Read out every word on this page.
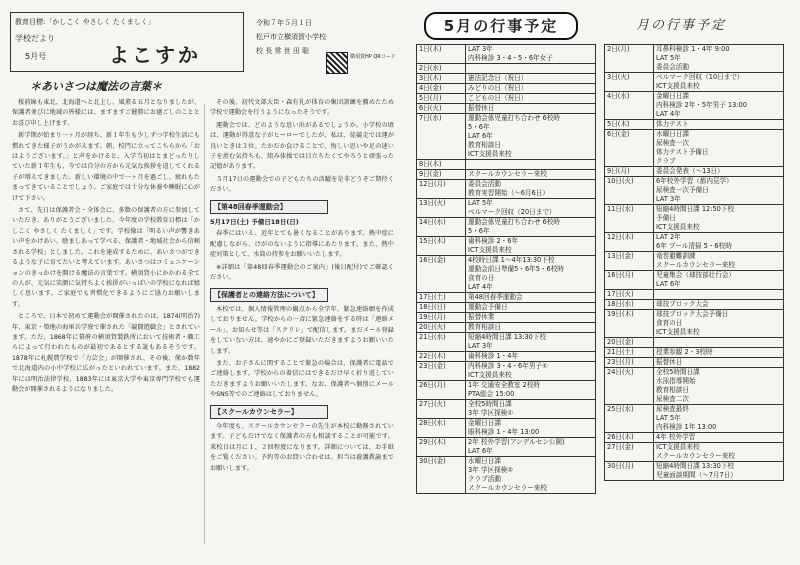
教育目標:「かしこく やさしく たくましく」
学校だより
5月号	よこすか
令和７年５月１日
松戸市立横須賀小学校
校 長 常 世 田 聡
横須賀HP QRコード
＊あいさつは魔法の言葉＊

桜前線も東北、北海道へと北上し、風薫る五月となりましたが、保護者並びに地域の皆様には、ますますご健勝にお過ごしのこととお喜び申し上げます。

新学期が始まり一ヶ月が経ち、新１年生も少しずつ学校生活にも慣れてきた様子がうかがえます。朝、校門に立ってこちらから「おはようございます。」と声をかけると、入学当初はとまどったりしていた新１年生も、今では自分の方から元気な挨拶を返してくれる子が増えてきました。新しい環境の中で一ヶ月を過ごし、疲れもたまってきていることでしょう。ご家庭では十分な休養や睡眠に心がけて下さい。

さて、先日は保護者会・全体会に、多数の保護者の方に参加していただき、ありがとうございました。今年度の学校教育目標は「かしこく やさしく たくましく」です。学校像は「明るい声が響きあい声をかけあい、励ましあって学べる、保護者・地域社会から信頼される学校」としました。これを達成するために、あいさつができるような子に育てたいと考えています。あいさつはコミュニケーションのきっかけを開ける魔法の言葉です。横須賀小にかかわる全ての人が、元気に笑顔に気持ちよく挨拶がいっぱいの学校になれば嬉しく思います。ご家庭でも習慣化できるようにご協力お願いします。

ところで、日本で初めて運動会が開催されたのは、1874(明治7)年、東京・築地の海軍兵学寮で催された「競闘遊戯会」とされています。ただ、1868年に幕府の横須賀製鉄所において技術者・職工らによって行われたものが最初であるとする説もあるそうです。1878年に札幌農学校で「力芸会」が開催され、その後、僅か数年で北海道内の小中学校に広がったといわれています。また、1882年には明治法律学校、1883年には東京大学や東京専門学校でも運動会が開催されるようになりました。

その後、初代文部大臣・森有礼が体育の集団訓練を薦めたため学校で運動会を行うようになったそうです。

運動会では、どのような思い出があるでしょうか。小学校の頃は、運動が得意な子がヒーローでしたが、私は、徒競走では運が良いときは３位。たかだか負けることで、悔しい思いや足の速い子を羨む気持ちも、組み体操では目立ちたくてやろうと頑張った記憶があります。

５月17日の運動会での子どもたちの活躍を是非どうぞご期待ください。

【第48回春季運動会】
5月17日(土) 予備日18日(日)

春季にはいえ、近年とても暑くなることがあります。熱中症に配慮しながら、けがのないように指導にあたります。また、熱中症対策として、水筒の持参をお願いいたします。

※詳細は「第48回春季運動会のご案内」(後日配付)でご確認ください。

【保護者との連絡方法について】

本校では、個人情報管理の観点から全学年、緊急連絡網を作成しておりません。学校からの一斉に緊急連絡をする時は「連絡メール」、お知らせ等は「スクリレ」で配信します。まだメール登録をしていない方は、速やかにご登録いただきますようお願いいたします。

また、お子さんに関することで緊急の場合は、保護者に電話でご連絡します。学校からの着信にはできるだけ早く折り返していただきますようお願いいたします。なお、保護者へ個別にメールやSNS等でのご連絡はしておりません。

【スクールカウンセラー】

今年度も、スクールカウンセラーの先生が本校に勤務されています。子どもだけでなく保護者の方も相談することが可能です。来校日は月に１、２回程度になります。詳細については、お手紙をご覧ください。予約等のお問い合わせは、担当は養護教諭までお願いします。

5月の行事予定	月の行事予定
1日(木)	LAT 3年
内科検診 3・4・5・6年女子
2日(水)	
3日(木)	憲法記念日（祝日）
4日(金)	みどりの日（祝日）
5日(月)	こどもの日（祝日）
6日(火)	振替休日
7日(水)	運動会係児童打ち合わせ 6校時
5・6年
LAT 6年
教育相談日
ICT支援員来校
8日(木)	
9日(金)	スクールカウンセラー来校
12日(月)	委員会活動
教育実習開始（～6月6日）
13日(火)	LAT 5年
ベルマーク回収（20日まで）
14日(水)	運動会係児童打ち合わせ 6校時
5・6年
15日(木)	歯科検診 2・6年
ICT支援員来校
16日(金)	4校時日課 1～4年13:30下校
運動会前日準備5・6年5・6校時
食育の日
LAT 4年
17日(土)	第48回春季運動会
18日(日)	運動会予備日
19日(月)	振替休業
20日(火)	教育相談日
21日(水)	短縮4時間日課 13:30下校
LAT 3年
22日(木)	歯科検診 1・4年
23日(金)	内科検診 3・4・6年男子①
ICT支援員来校
26日(月)	1年 交通安全教室 2校時
PTA総会 15:00
27日(火)	全校5時間日課
3年 学区探検①
28日(水)	金曜日日課
眼科検診 1・4年 13:00
29日(木)	2年 校外学習(アンデルセン公園)
LAT 6年
30日(金)	水曜日日課
3年 学区探検②
クラブ活動
スクールカウンセラー来校
2日(月)	耳鼻科検診 1・4年 9:00
LAT 5年
委員会活動
3日(火)	ベルマーク回収（10日まで）
ICT支援員来校
4日(水)	金曜日日課
内科検診 2年・5年男子 13:00
LAT 4年
5日(木)	体力テスト
6日(金)	水曜日日課
尿検査一次
体力テスト予備日
クラブ
9日(月)	委員会発表（～13日）
10日(火)	6年校外学習（都内見学）
尿検査一次予備日
LAT 3年
11日(水)	短縮4時間日課 12:50下校
予備日
ICT支援員来校
12日(木)	LAT 2年
6年 プール清掃 5・6校時
13日(金)	竜巻避難訓練
スクールカウンセラー来校
16日(月)	児童集会（球技部壮行会）
LAT 6年
17日(火)	
18日(水)	球技ブロック大会
19日(木)	球技ブロック大会予備日
食育の日
ICT支援員来校
20日(金)	
21日(土)	授業参観 2・3校時
23日(月)	振替休日
24日(火)	全校5時間日課
水泳指導開始
教育相談日
尿検査二次
25日(水)	尿検査最終
LAT 5年
内科検診 1年 13:00
26日(木)	4年 校外学習
27日(金)	ICT支援員来校
スクールカウンセラー来校
30日(月)	短縮4時間日課 13:30下校
児童面談期間（～7月7日）
